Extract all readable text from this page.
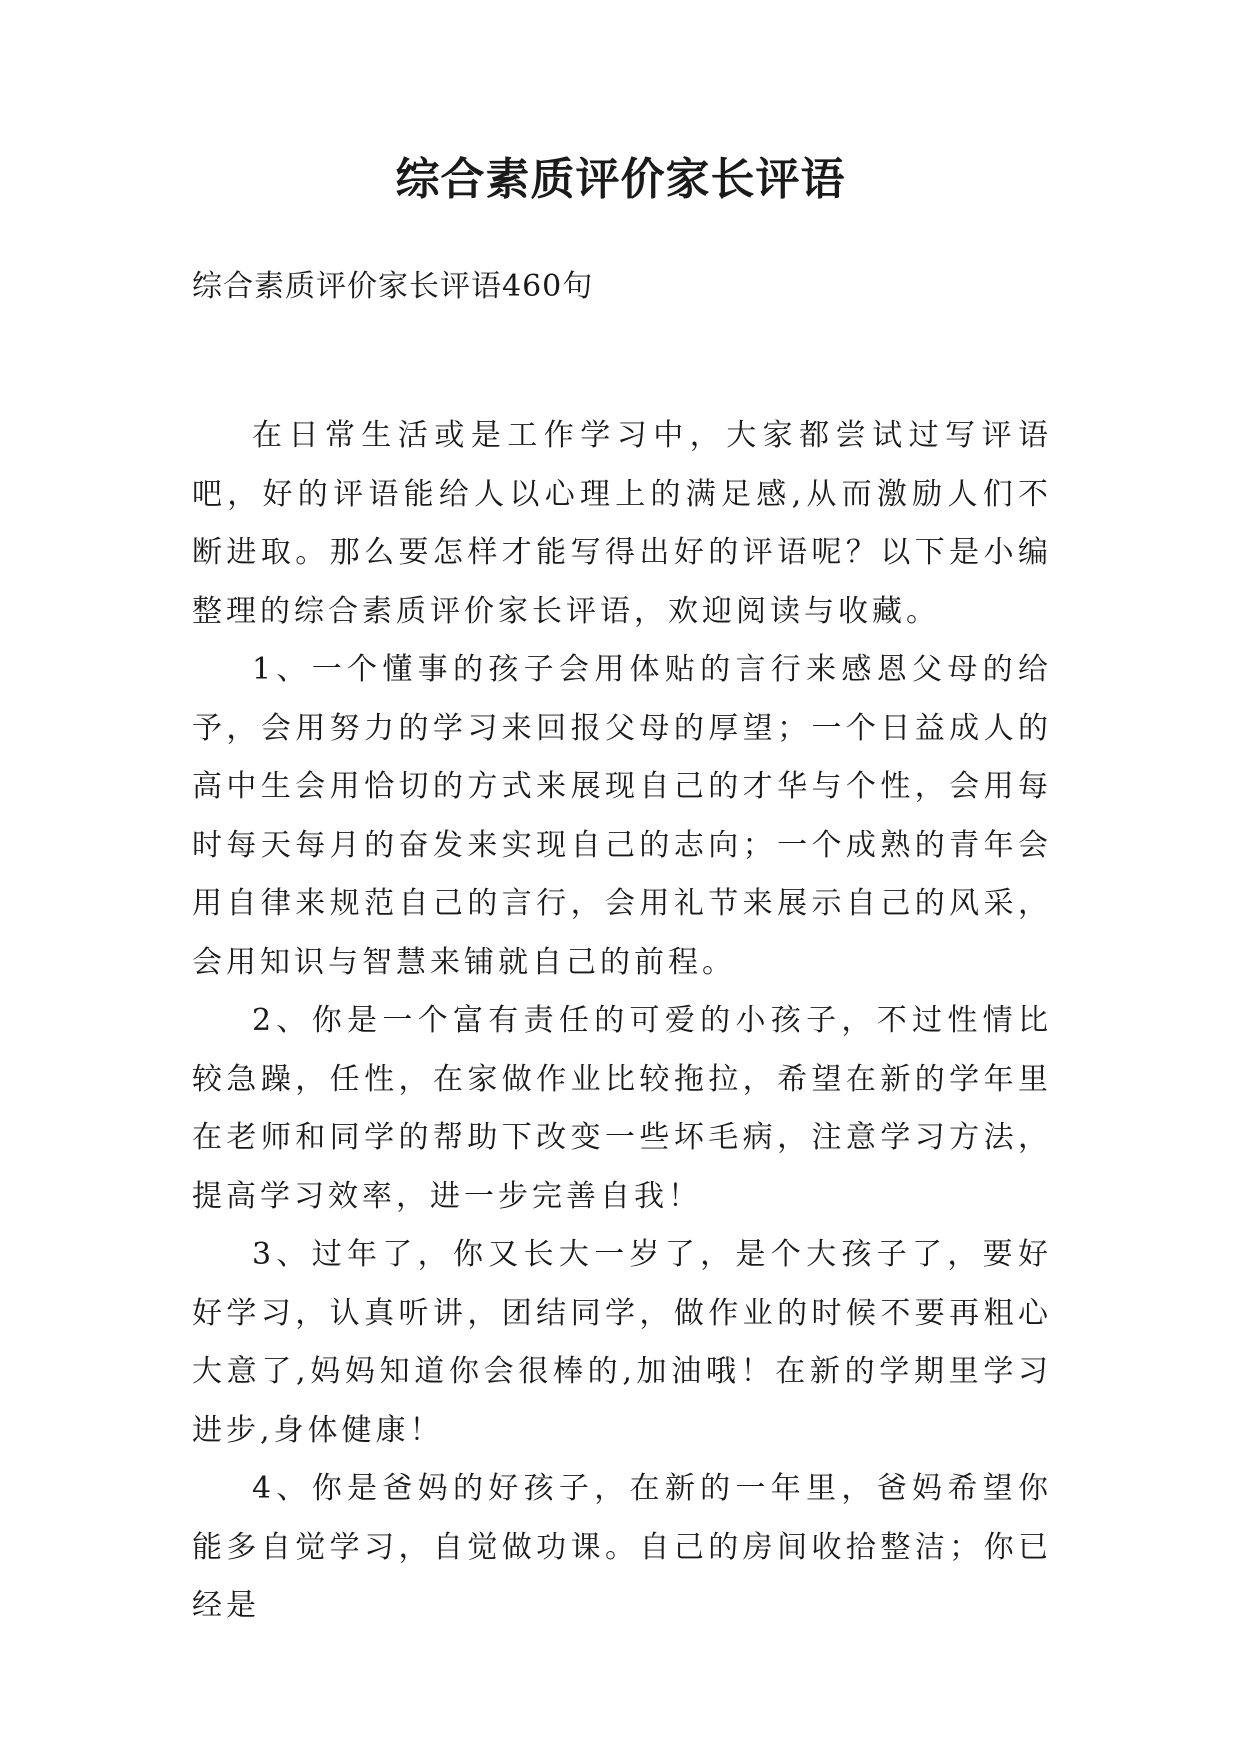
综合素质评价家长评语

综合素质评价家长评语460句

在日常生活或是工作学习中，大家都尝试过写评语吧，好的评语能给人以心理上的满足感,从而激励人们不断进取。那么要怎样才能写得出好的评语呢？以下是小编整理的综合素质评价家长评语，欢迎阅读与收藏。

1、一个懂事的孩子会用体贴的言行来感恩父母的给予，会用努力的学习来回报父母的厚望；一个日益成人的高中生会用恰切的方式来展现自己的才华与个性，会用每时每天每月的奋发来实现自己的志向；一个成熟的青年会用自律来规范自己的言行，会用礼节来展示自己的风采，会用知识与智慧来铺就自己的前程。

2、你是一个富有责任的可爱的小孩子，不过性情比较急躁，任性，在家做作业比较拖拉，希望在新的学年里在老师和同学的帮助下改变一些坏毛病，注意学习方法，提高学习效率，进一步完善自我！

3、过年了，你又长大一岁了，是个大孩子了，要好好学习，认真听讲，团结同学，做作业的时候不要再粗心大意了,妈妈知道你会很棒的,加油哦！在新的学期里学习进步,身体健康！

4、你是爸妈的好孩子，在新的一年里，爸妈希望你能多自觉学习，自觉做功课。自己的房间收拾整洁；你已经是
